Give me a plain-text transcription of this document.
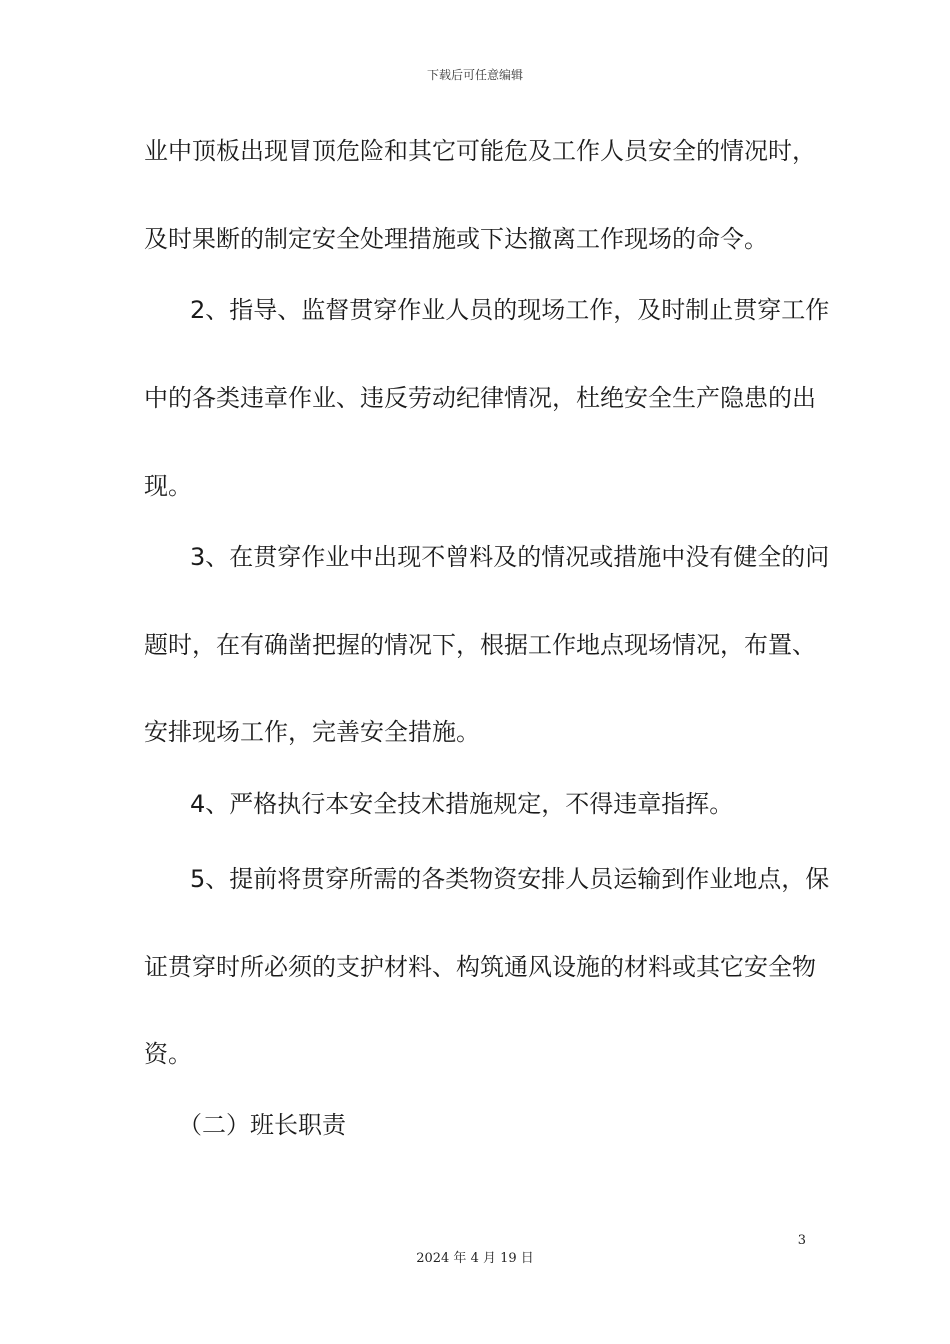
下载后可任意编辑
业中顶板出现冒顶危险和其它可能危及工作人员安全的情况时，
及时果断的制定安全处理措施或下达撤离工作现场的命令。
2、指导、监督贯穿作业人员的现场工作，及时制止贯穿工作
中的各类违章作业、违反劳动纪律情况，杜绝安全生产隐患的出
现。
3、在贯穿作业中出现不曾料及的情况或措施中没有健全的问
题时，在有确凿把握的情况下，根据工作地点现场情况，布置、
安排现场工作，完善安全措施。
4、严格执行本安全技术措施规定，不得违章指挥。
5、提前将贯穿所需的各类物资安排人员运输到作业地点，保
证贯穿时所必须的支护材料、构筑通风设施的材料或其它安全物
资。
（二）班长职责
3
2024 年 4 月 19 日
